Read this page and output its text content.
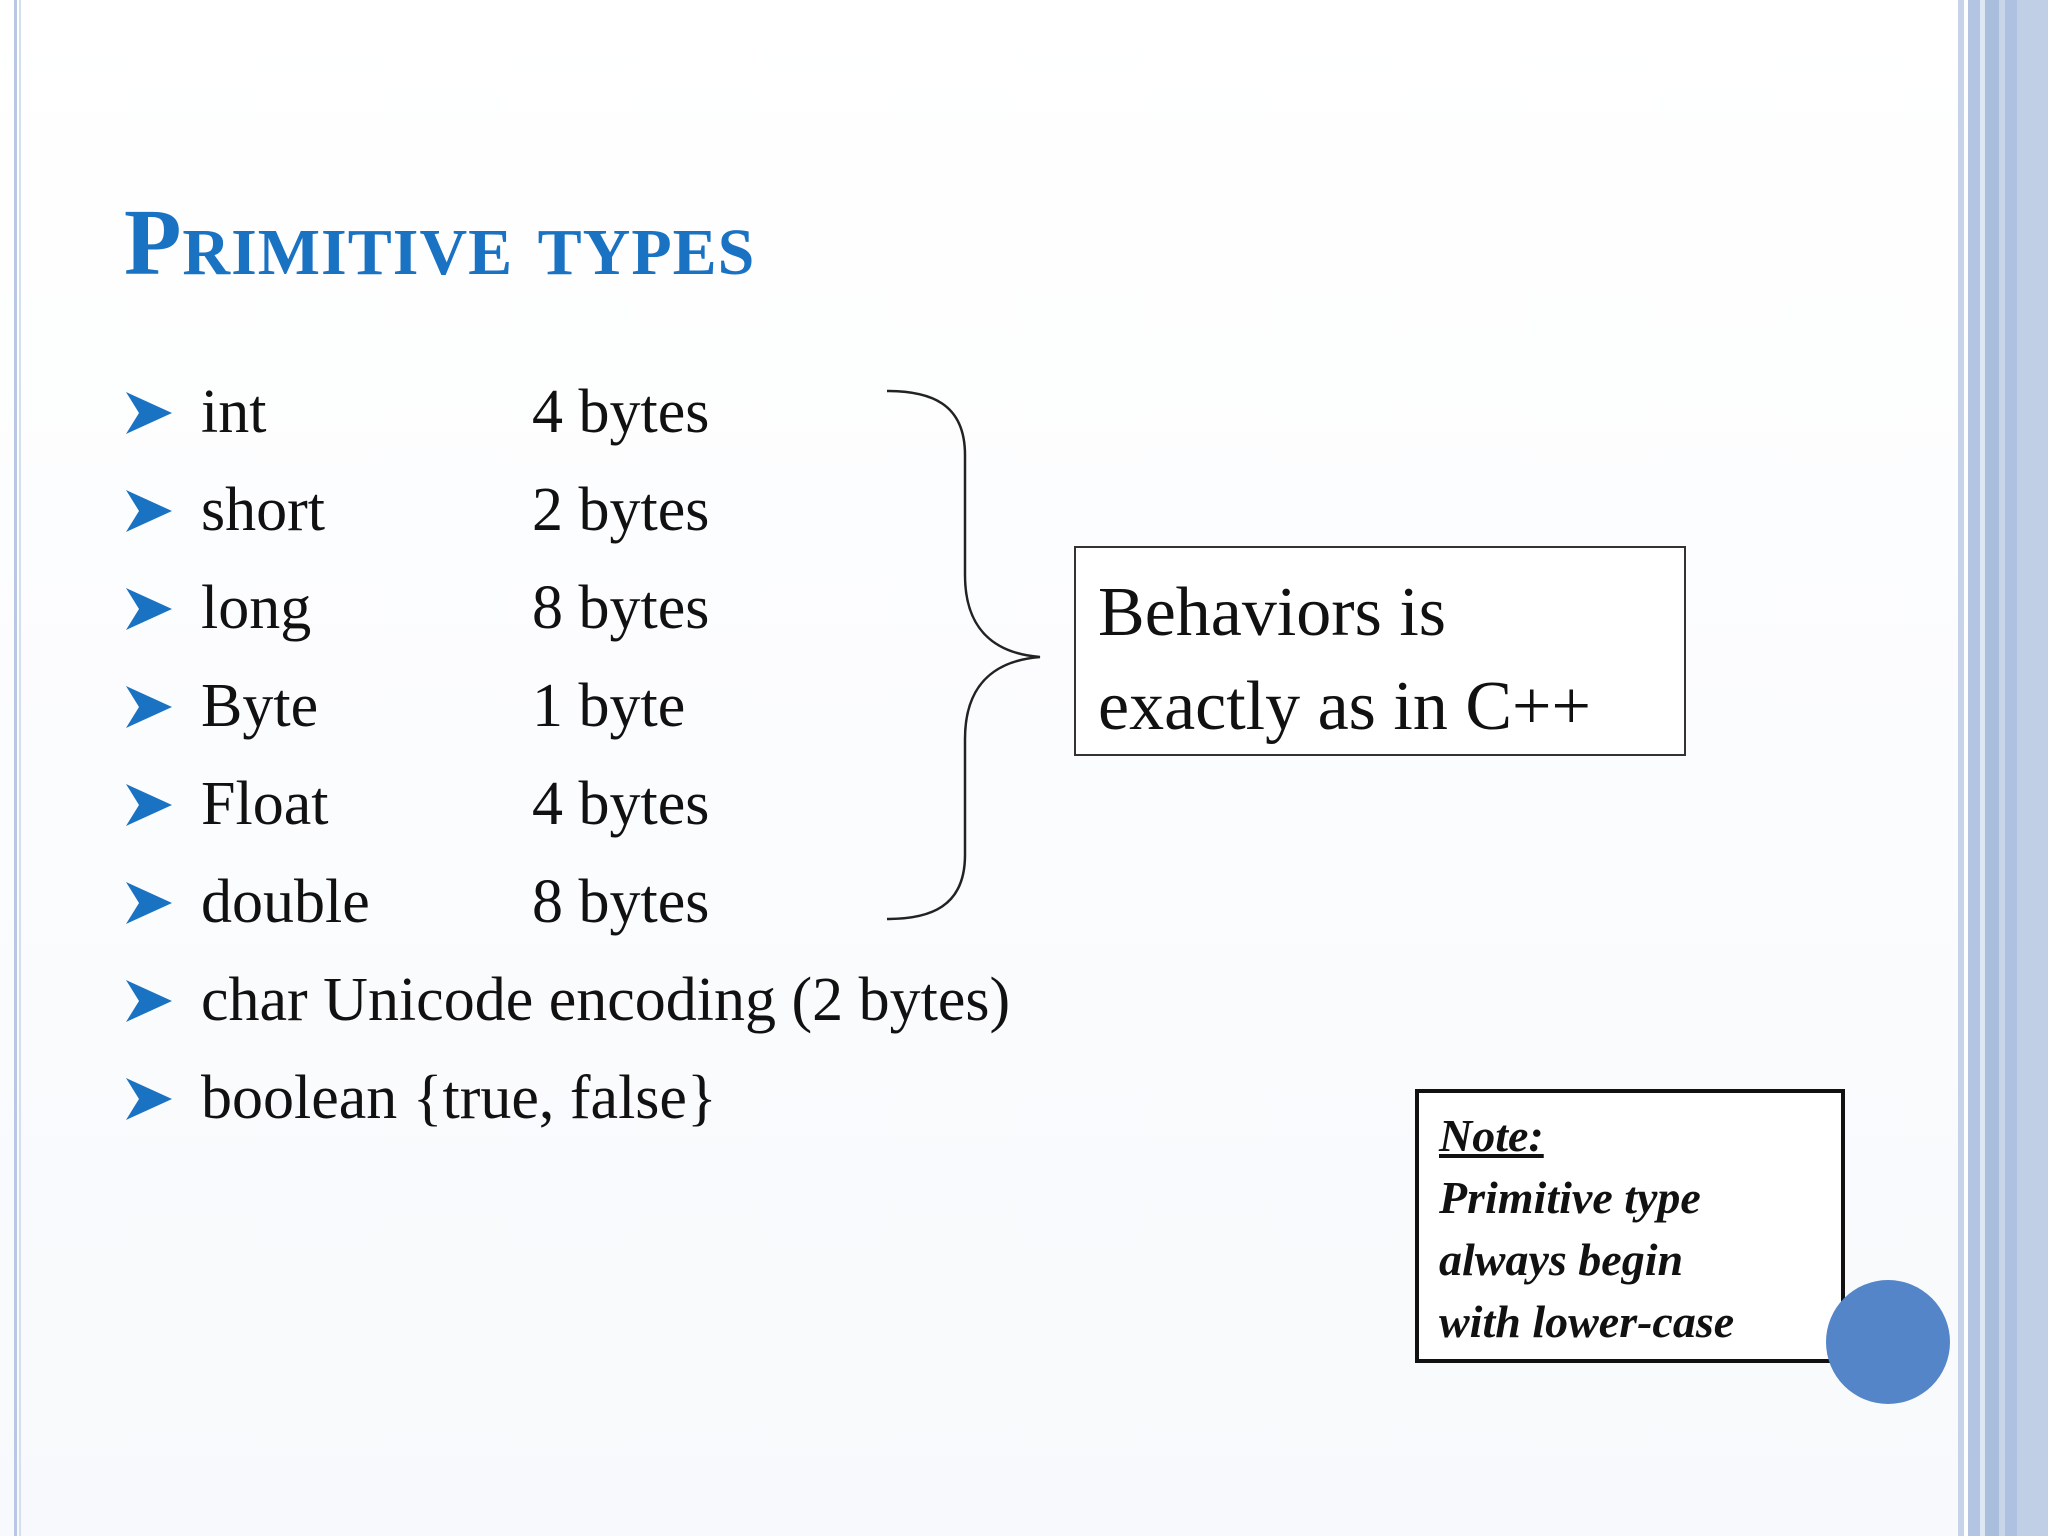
Primitive types
int	4 bytes
short	2 bytes
long	8 bytes
Byte	1 byte
Float	4 bytes
double	8 bytes
char Unicode encoding (2 bytes)
boolean {true, false}
Behaviors is
exactly as in C++
Note:
Primitive type
always begin
with lower-case
